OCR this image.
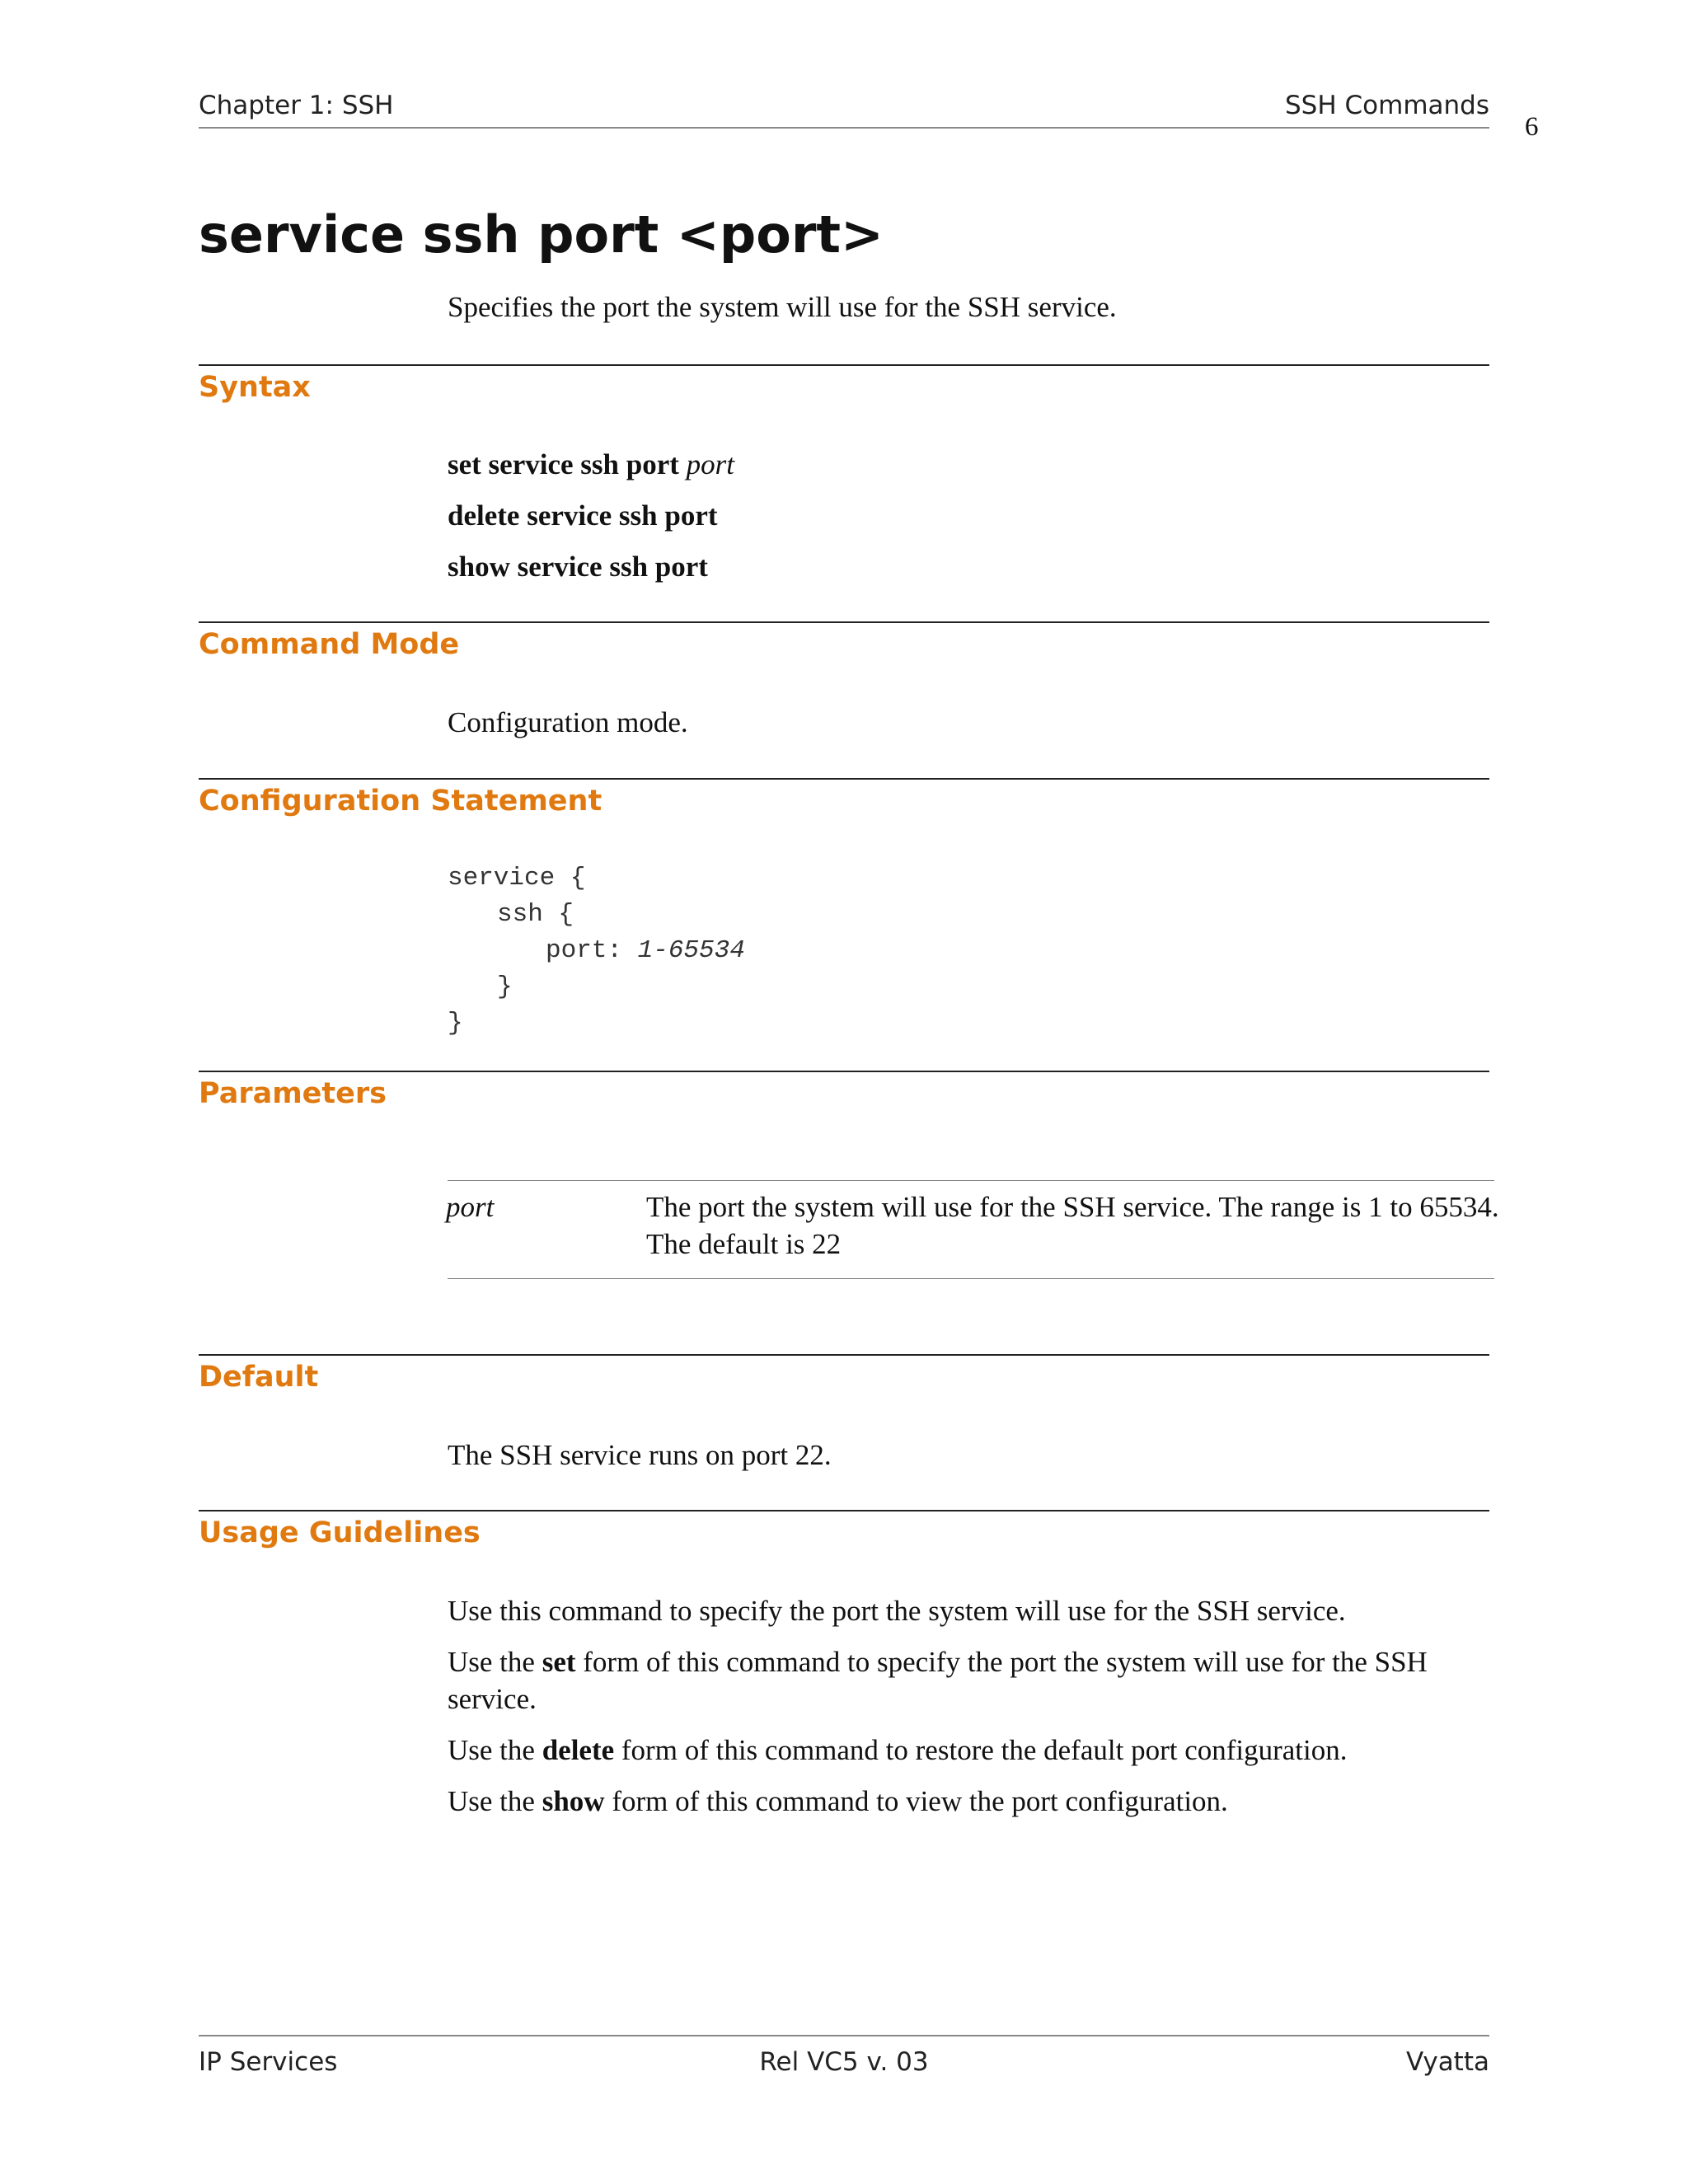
Chapter 1: SSH	SSH Commands
6
service ssh port <port>
Specifies the port the system will use for the SSH service.
Syntax
set service ssh port port
delete service ssh port
show service ssh port
Command Mode
Configuration mode.
Configuration Statement
service {
ssh {
port: 1-65534
}
}
Parameters
port	The port the system will use for the SSH service. The range is 1 to 65534.
The default is 22
Default
The SSH service runs on port 22.
Usage Guidelines
Use this command to specify the port the system will use for the SSH service.
Use the set form of this command to specify the port the system will use for the SSH
service.
Use the delete form of this command to restore the default port configuration.
Use the show form of this command to view the port configuration.
IP Services	Rel VC5 v. 03	Vyatta
